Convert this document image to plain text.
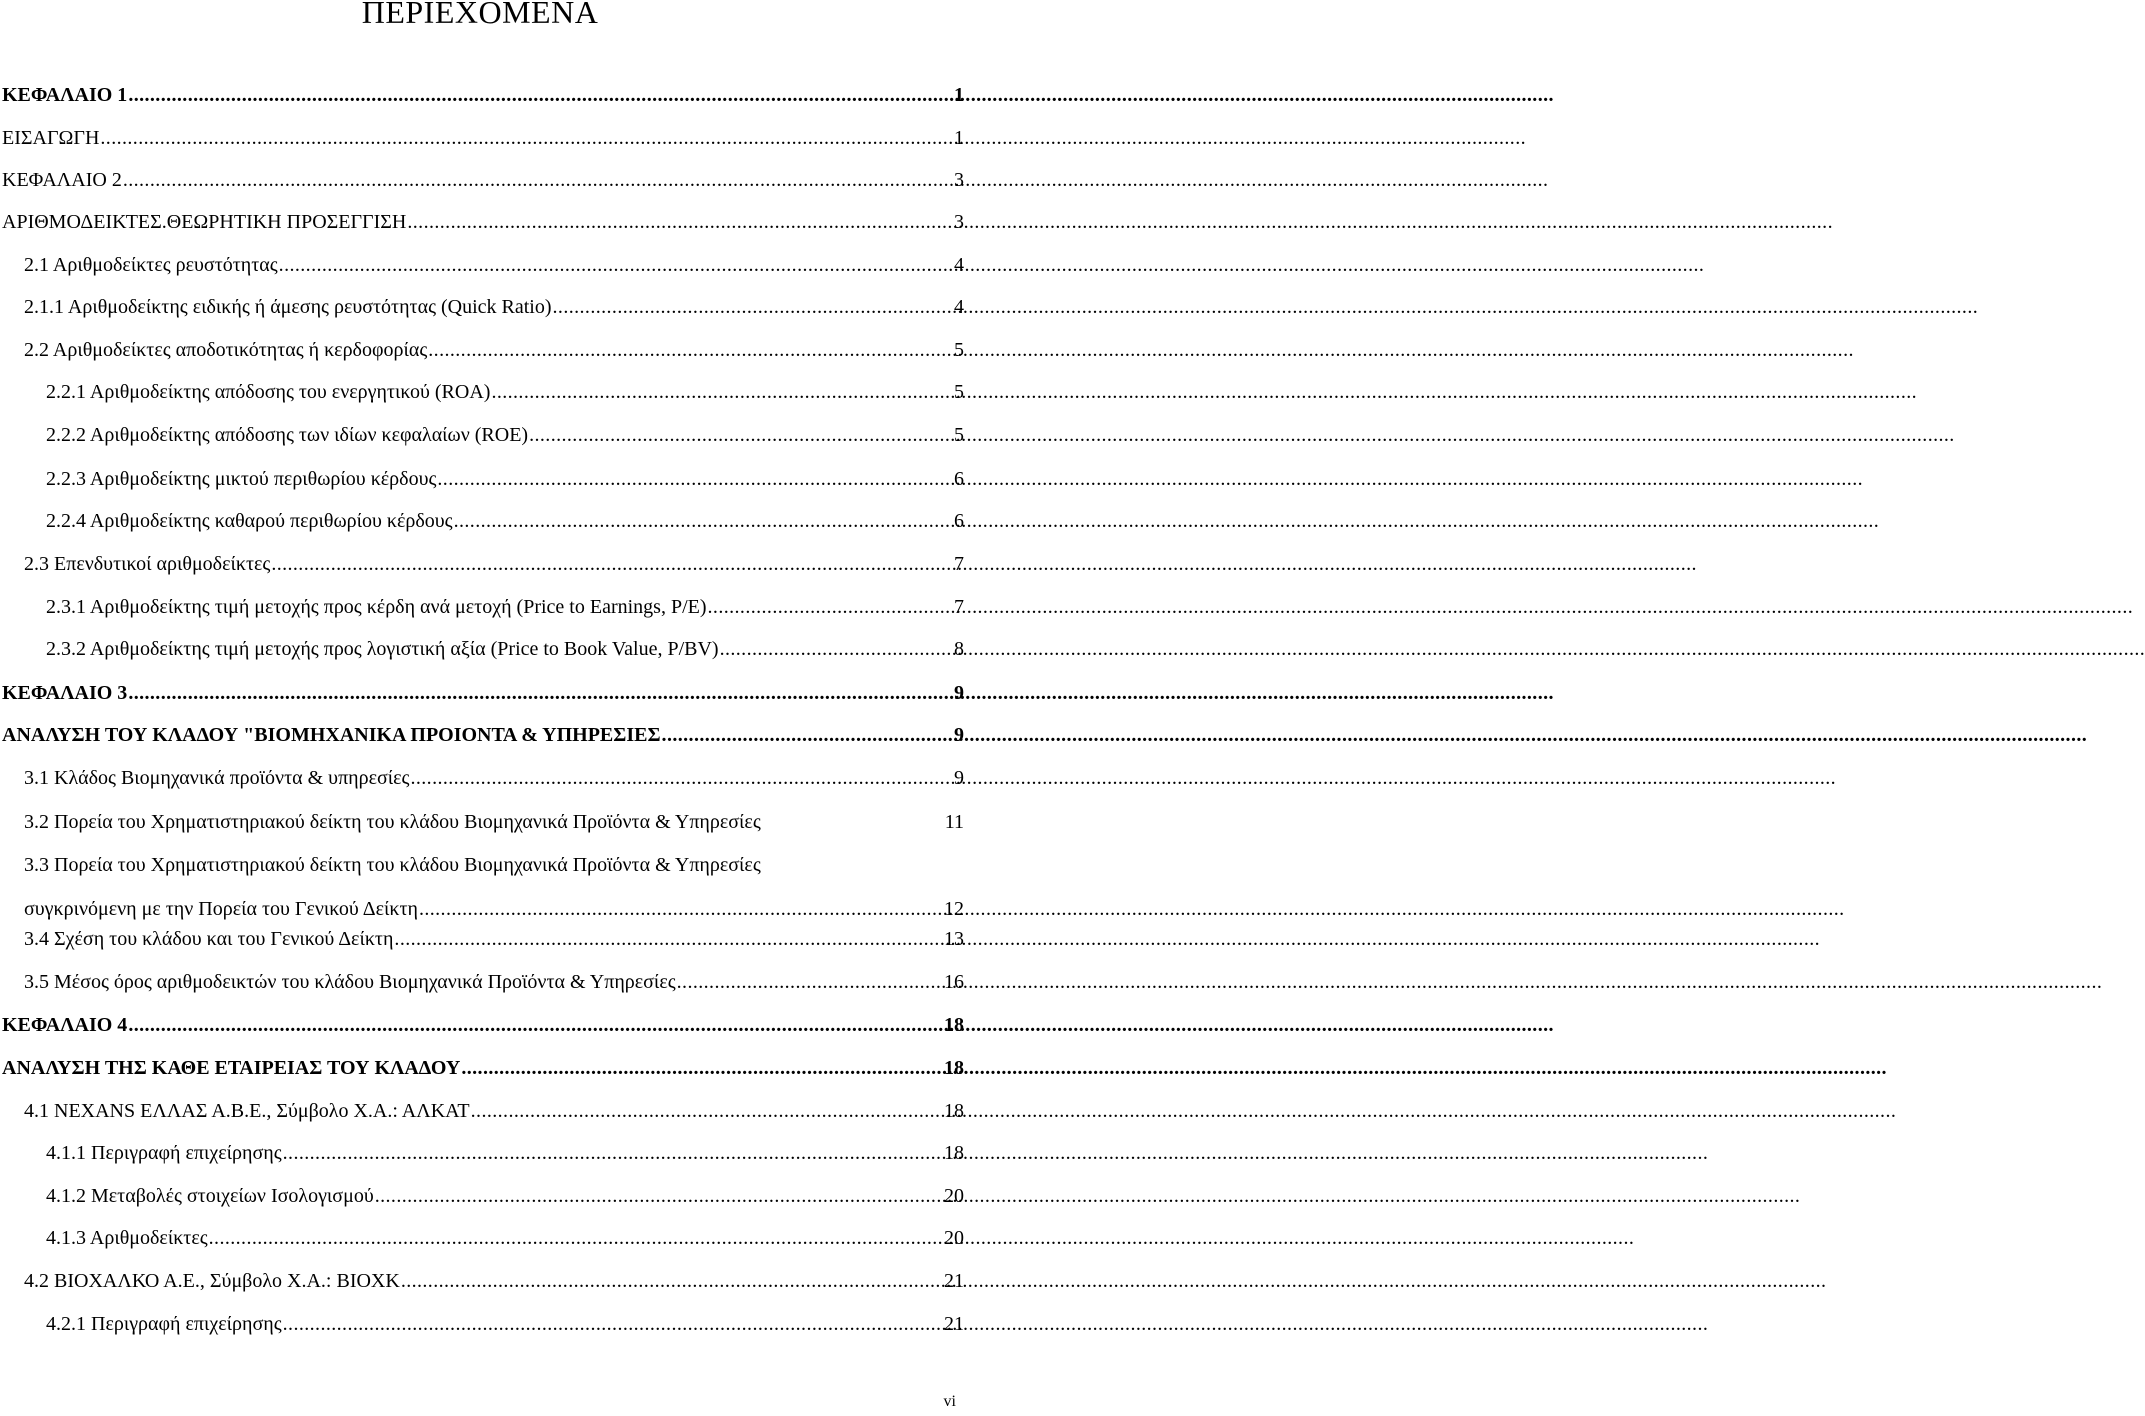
ΠΕΡΙΕΧΟΜΕΝΑ
ΚΕΦΑΛΑΙΟ 1 .....	1
ΕΙΣΑΓΩΓΗ .....	1
ΚΕΦΑΛΑΙΟ 2 .....	3
ΑΡΙΘΜΟΔΕΙΚΤΕΣ.ΘΕΩΡΗΤΙΚΗ ΠΡΟΣΕΓΓΙΣΗ .....	3
2.1 Αριθμοδείκτες ρευστότητας .....	4
2.1.1 Αριθμοδείκτης ειδικής ή άμεσης ρευστότητας (Quick Ratio) .....	4
2.2 Αριθμοδείκτες αποδοτικότητας ή κερδοφορίας .....	5
2.2.1 Αριθμοδείκτης απόδοσης του ενεργητικού (ROA) .....	5
2.2.2 Αριθμοδείκτης απόδοσης των ιδίων κεφαλαίων (ROE) .....	5
2.2.3 Αριθμοδείκτης μικτού περιθωρίου κέρδους .....	6
2.2.4 Αριθμοδείκτης καθαρού περιθωρίου κέρδους .....	6
2.3 Επενδυτικοί αριθμοδείκτες .....	7
2.3.1 Αριθμοδείκτης τιμή μετοχής προς κέρδη ανά μετοχή (Price to Earnings, P/E) .....	7
2.3.2 Αριθμοδείκτης τιμή μετοχής προς λογιστική αξία (Price to Book Value, P/BV) .....	8
ΚΕΦΑΛΑΙΟ 3 .....	9
ΑΝΑΛΥΣΗ ΤΟΥ ΚΛΑΔΟΥ "ΒΙΟΜΗΧΑΝΙΚΑ ΠΡΟΙΟΝΤΑ & ΥΠΗΡΕΣΙΕΣ .....	9
3.1 Κλάδος Βιομηχανικά προϊόντα & υπηρεσίες .....	9
3.2 Πορεία του Χρηματιστηριακού δείκτη του κλάδου Βιομηχανικά Προϊόντα & Υπηρεσίες	11
3.3 Πορεία του Χρηματιστηριακού δείκτη του κλάδου Βιομηχανικά Προϊόντα & Υπηρεσίες
συγκρινόμενη με την Πορεία του Γενικού Δείκτη .....	12
3.4 Σχέση του κλάδου και του Γενικού Δείκτη .....	13
3.5 Μέσος όρος αριθμοδεικτών του κλάδου Βιομηχανικά Προϊόντα & Υπηρεσίες .....	16
ΚΕΦΑΛΑΙΟ 4 .....	18
ΑΝΑΛΥΣΗ ΤΗΣ ΚΑΘΕ ΕΤΑΙΡΕΙΑΣ ΤΟΥ ΚΛΑΔΟΥ .....	18
4.1 ΝΕΧΑΝS ΕΛΛΑΣ Α.Β.Ε., Σύμβολο Χ.Α.: ΑΛΚΑΤ .....	18
4.1.1 Περιγραφή επιχείρησης .....	18
4.1.2 Μεταβολές στοιχείων Ισολογισμού .....	20
4.1.3 Αριθμοδείκτες .....	20
4.2 ΒΙΟΧΑΛΚΟ Α.Ε., Σύμβολο Χ.Α.: ΒΙΟΧΚ .....	21
4.2.1 Περιγραφή επιχείρησης .....	21
vi
